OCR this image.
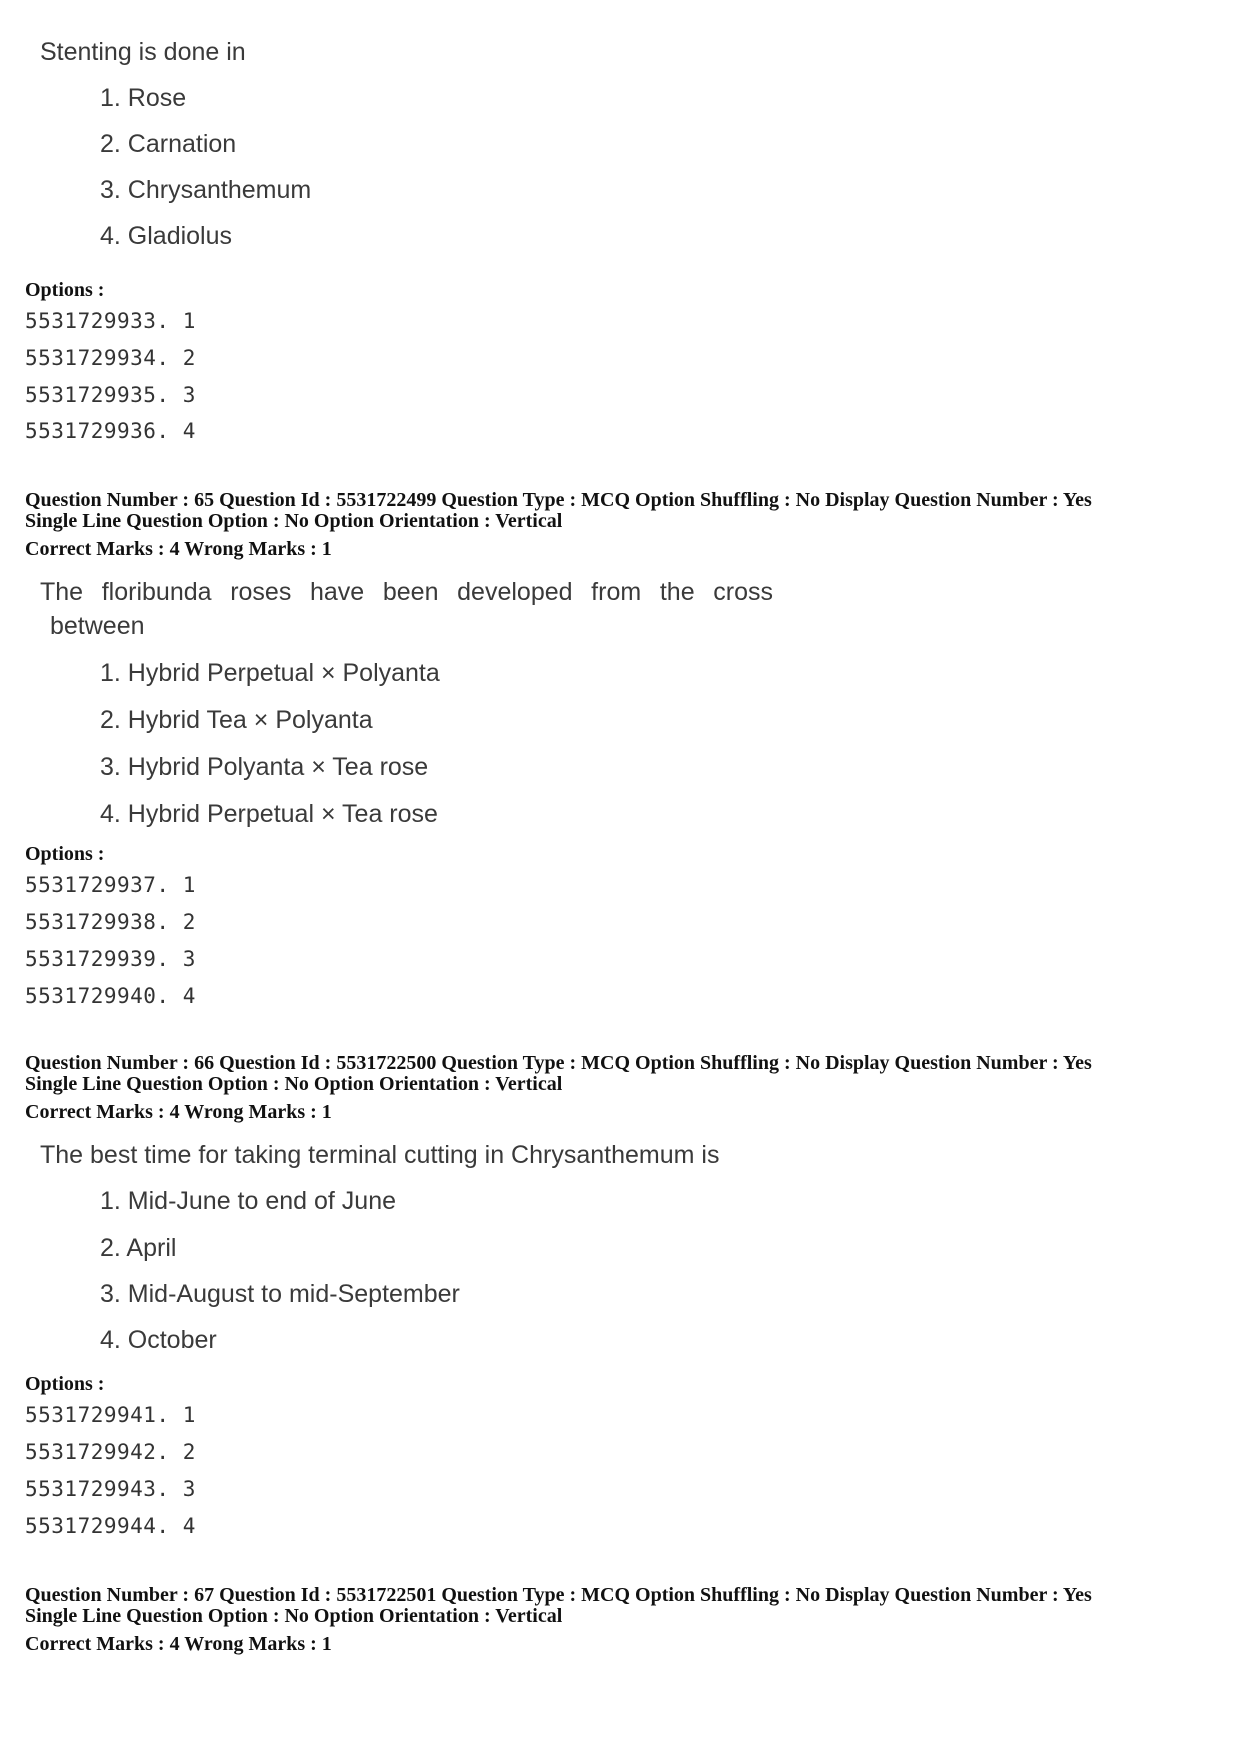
Stenting is done in
1. Rose
2. Carnation
3. Chrysanthemum
4. Gladiolus
Options :
5531729933. 1
5531729934. 2
5531729935. 3
5531729936. 4
Question Number : 65 Question Id : 5531722499 Question Type : MCQ Option Shuffling : No Display Question Number : Yes
Single Line Question Option : No Option Orientation : Vertical
Correct Marks : 4 Wrong Marks : 1
The floribunda roses have been developed from the cross
between
1. Hybrid Perpetual × Polyanta
2. Hybrid Tea × Polyanta
3. Hybrid Polyanta × Tea rose
4. Hybrid Perpetual × Tea rose
Options :
5531729937. 1
5531729938. 2
5531729939. 3
5531729940. 4
Question Number : 66 Question Id : 5531722500 Question Type : MCQ Option Shuffling : No Display Question Number : Yes
Single Line Question Option : No Option Orientation : Vertical
Correct Marks : 4 Wrong Marks : 1
The best time for taking terminal cutting in Chrysanthemum is
1. Mid-June to end of June
2. April
3. Mid-August to mid-September
4. October
Options :
5531729941. 1
5531729942. 2
5531729943. 3
5531729944. 4
Question Number : 67 Question Id : 5531722501 Question Type : MCQ Option Shuffling : No Display Question Number : Yes
Single Line Question Option : No Option Orientation : Vertical
Correct Marks : 4 Wrong Marks : 1
